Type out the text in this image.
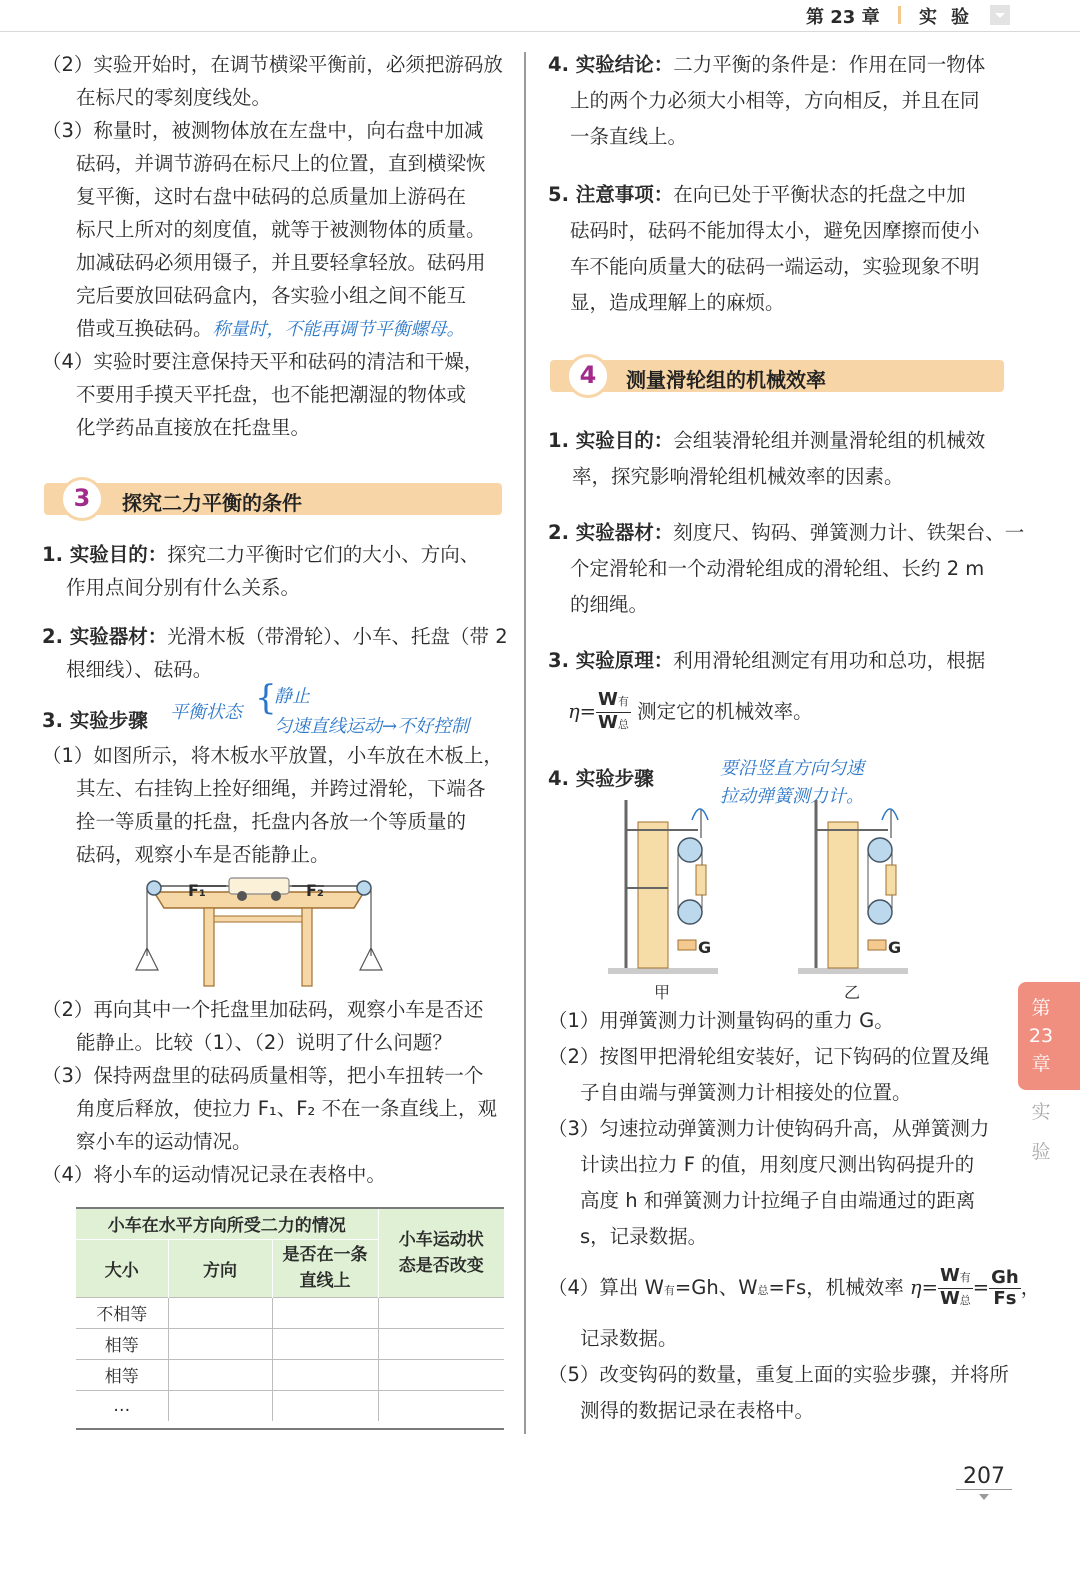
第 23 章 实验
（2）实验开始时，在调节横梁平衡前，必须把游码放
在标尺的零刻度线处。
（3）称量时，被测物体放在左盘中，向右盘中加减
砝码，并调节游码在标尺上的位置，直到横梁恢
复平衡，这时右盘中砝码的总质量加上游码在
标尺上所对的刻度值，就等于被测物体的质量。
加减砝码必须用镊子，并且要轻拿轻放。砝码用
完后要放回砝码盒内，各实验小组之间不能互
借或互换砝码。称量时，不能再调节平衡螺母。
（4）实验时要注意保持天平和砝码的清洁和干燥，
不要用手摸天平托盘，也不能把潮湿的物体或
化学药品直接放在托盘里。
3	探究二力平衡的条件
1. 实验目的：探究二力平衡时它们的大小、方向、
作用点间分别有什么关系。
2. 实验器材：光滑木板（带滑轮）、小车、托盘（带 2
根细线）、砝码。
3. 实验步骤 平衡状态 {
静止
匀速直线运动→不好控制
（1）如图所示，将木板水平放置，小车放在木板上，
其左、右挂钩上拴好细绳，并跨过滑轮，下端各
拴一等质量的托盘，托盘内各放一个等质量的
砝码，观察小车是否能静止。
F₁	F₂
（2）再向其中一个托盘里加砝码，观察小车是否还
能静止。比较（1）、（2）说明了什么问题？
（3）保持两盘里的砝码质量相等，把小车扭转一个
角度后释放，使拉力 F₁、F₂ 不在一条直线上，观
察小车的运动情况。
（4）将小车的运动情况记录在表格中。
小车在水平方向所受二力的情况			小车运动状
态是否改变
大小	方向	是否在一条
直线上	
不相等			
相等			
相等			
…			
4. 实验结论：二力平衡的条件是：作用在同一物体
上的两个力必须大小相等，方向相反，并且在同
一条直线上。
5. 注意事项：在向已处于平衡状态的托盘之中加
砝码时，砝码不能加得太小，避免因摩擦而使小
车不能向质量大的砝码一端运动，实验现象不明
显，造成理解上的麻烦。
4	测量滑轮组的机械效率
1. 实验目的：会组装滑轮组并测量滑轮组的机械效
率，探究影响滑轮组机械效率的因素。
2. 实验器材：刻度尺、钩码、弹簧测力计、铁架台、一
个定滑轮和一个动滑轮组成的滑轮组、长约 2 m
的细绳。
3. 实验原理：利用滑轮组测定有用功和总功，根据
$\eta= \frac{\text{W有}}{\text{W总}}$ 测定它的机械效率。
4. 实验步骤	要沿竖直方向匀速
拉动弹簧测力计。
G	G
甲	乙
（1）用弹簧测力计测量钩码的重力 G。
（2）按图甲把滑轮组安装好，记下钩码的位置及绳
子自由端与弹簧测力计相接处的位置。
（3）匀速拉动弹簧测力计使钩码升高，从弹簧测力
计读出拉力 F 的值，用刻度尺测出钩码提升的
高度 h 和弹簧测力计拉绳子自由端通过的距离
s，记录数据。
（4）算出 W有=Gh、W总=Fs，机械效率 $\eta= \frac{\text{W有}}{\text{W总}} = \frac{Gh}{Fs}$ ，
记录数据。
（5）改变钩码的数量，重复上面的实验步骤，并将所
测得的数据记录在表格中。
第
23
章
实
验
207
